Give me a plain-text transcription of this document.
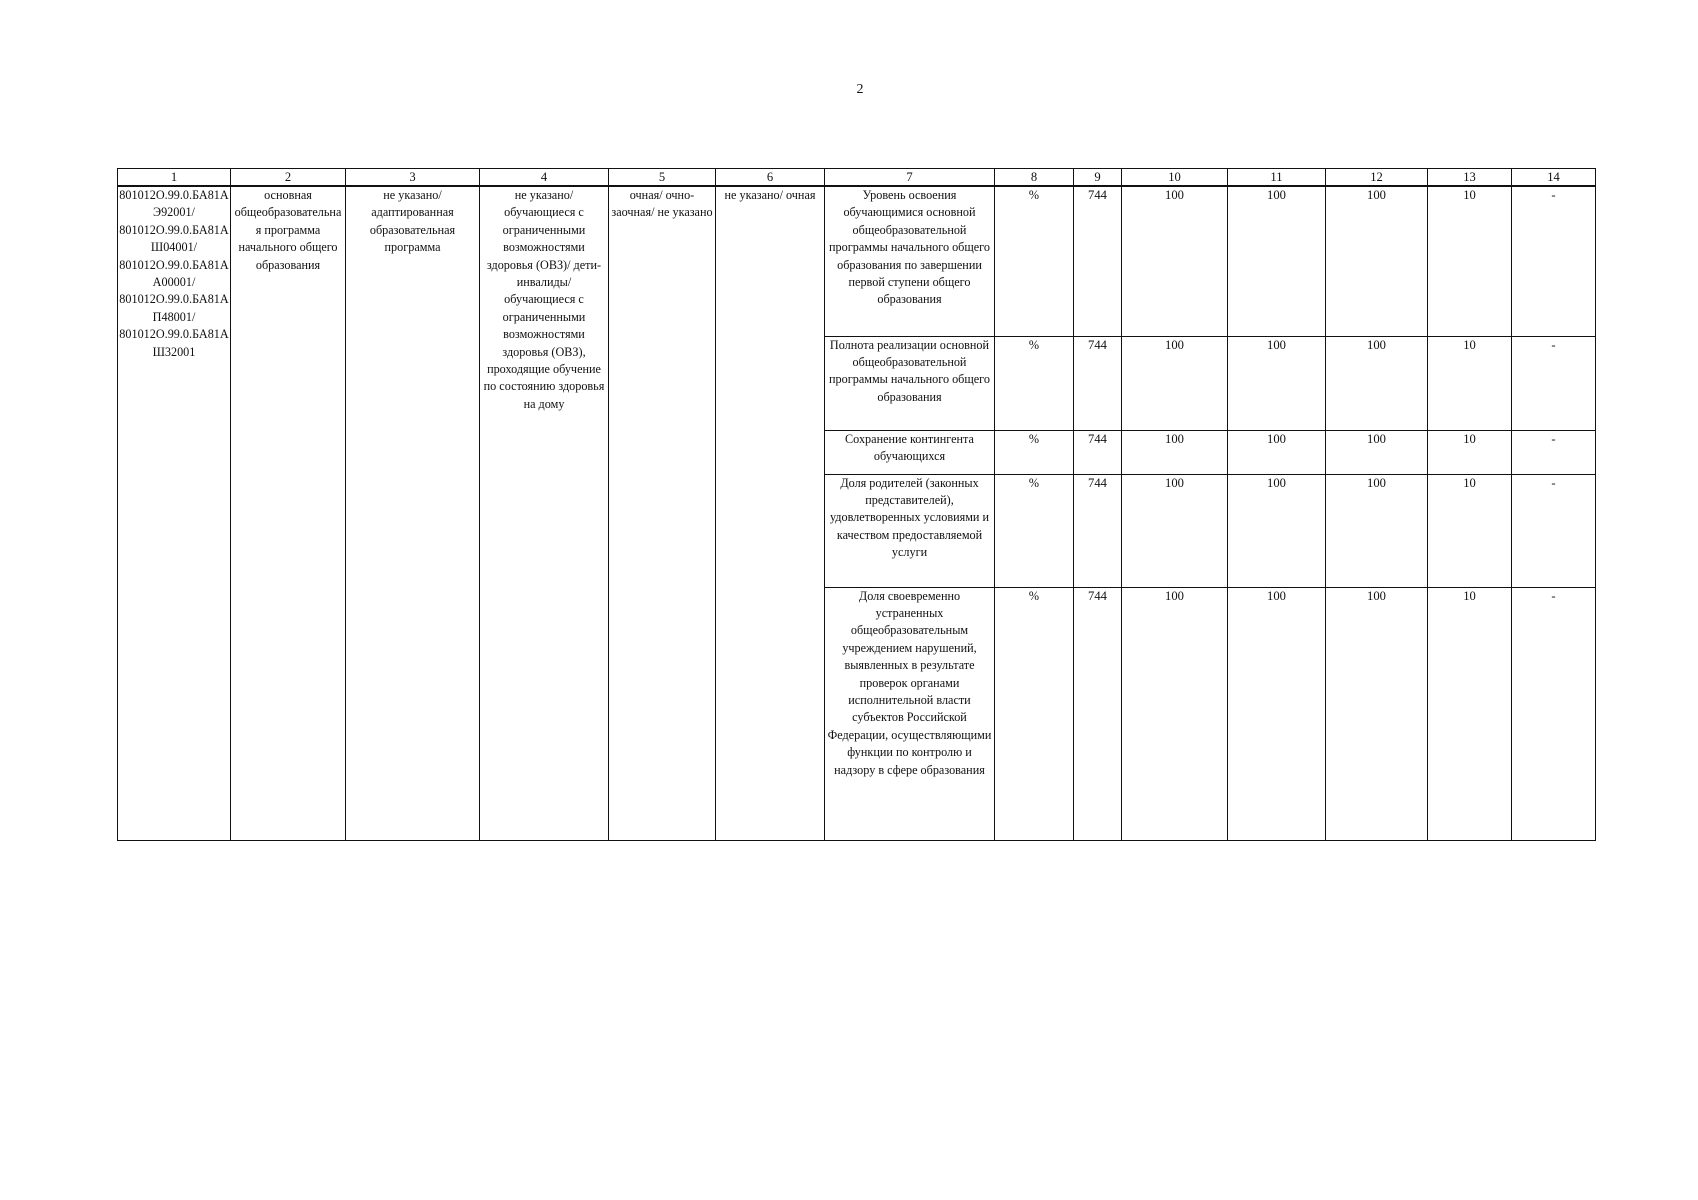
2
1	2	3	4	5	6	7	8	9	10	11	12	13	14
801012О.99.0.БА81АЭ92001/ 801012О.99.0.БА81АШ04001/ 801012О.99.0.БА81АА00001/ 801012О.99.0.БА81АП48001/ 801012О.99.0.БА81АШ32001	основная общеобразовательная программа начального общего образования	не указано/ адаптированная образовательная программа	не указано/ обучающиеся с ограниченными возможностями здоровья (ОВЗ)/ дети-инвалиды/ обучающиеся с ограниченными возможностями здоровья (ОВЗ), проходящие обучение по состоянию здоровья на дому	очная/ очно-заочная/ не указано	не указано/ очная	Уровень освоения обучающимися основной общеобразовательной программы начального общего образования по завершении первой ступени общего образования	%	744	100	100	100	10	-
						Полнота реализации основной общеобразовательной программы начального общего образования	%	744	100	100	100	10	-
						Сохранение контингента обучающихся	%	744	100	100	100	10	-
						Доля родителей (законных представителей), удовлетворенных условиями и качеством предоставляемой услуги	%	744	100	100	100	10	-
						Доля своевременно устраненных общеобразовательным учреждением нарушений, выявленных в результате проверок органами исполнительной власти субъектов Российской Федерации, осуществляющими функции по контролю и надзору в сфере образования	%	744	100	100	100	10	-
